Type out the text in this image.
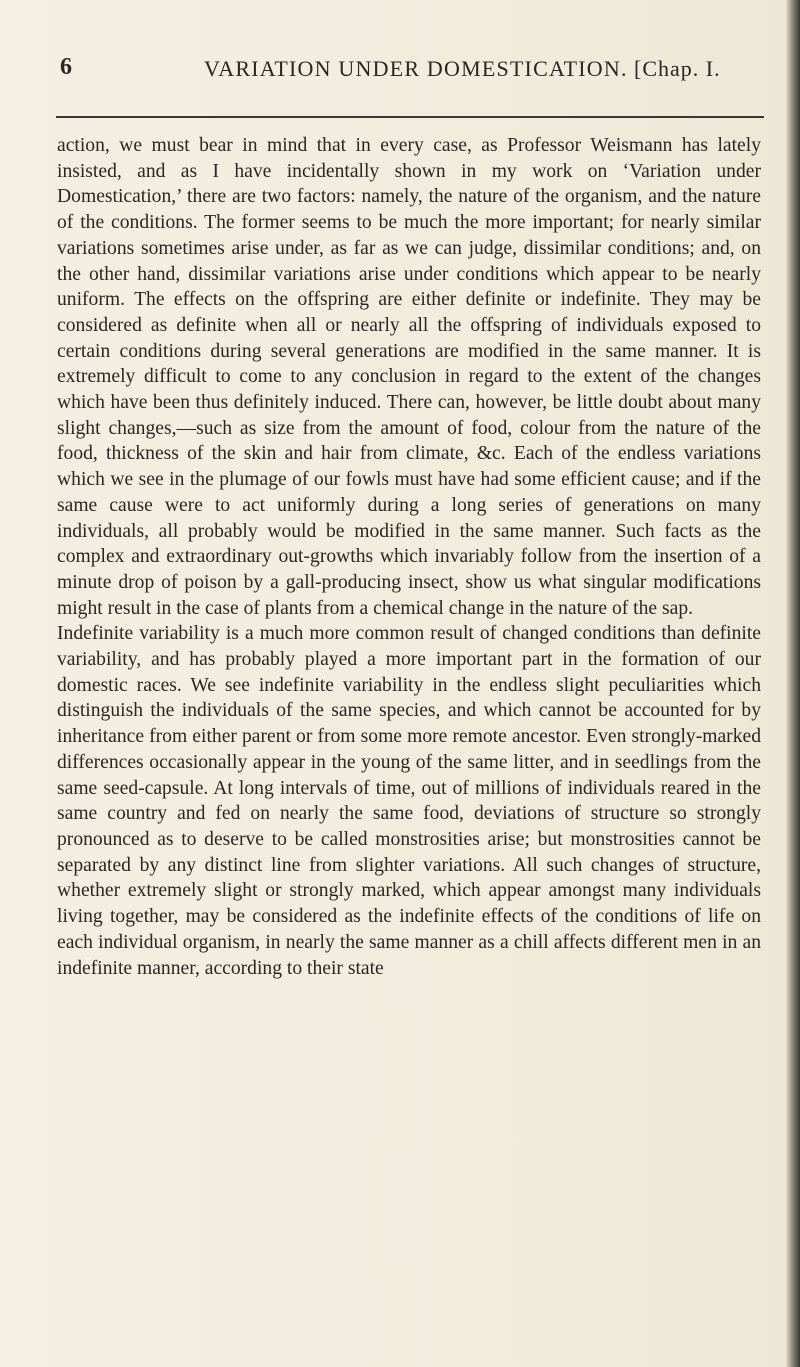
6	VARIATION UNDER DOMESTICATION. [Chap. I.

action, we must bear in mind that in every case, as Professor Weismann has lately insisted, and as I have incidentally shown in my work on ‘Variation under Domestication,’ there are two factors: namely, the nature of the organism, and the nature of the conditions. The former seems to be much the more important; for nearly similar variations sometimes arise under, as far as we can judge, dissimilar conditions; and, on the other hand, dissimilar variations arise under conditions which appear to be nearly uniform. The effects on the offspring are either definite or indefinite. They may be considered as definite when all or nearly all the offspring of individuals exposed to certain conditions during several generations are modified in the same manner. It is extremely difficult to come to any conclusion in regard to the extent of the changes which have been thus definitely induced. There can, however, be little doubt about many slight changes,—such as size from the amount of food, colour from the nature of the food, thickness of the skin and hair from climate, &c. Each of the endless variations which we see in the plumage of our fowls must have had some efficient cause; and if the same cause were to act uniformly during a long series of generations on many individuals, all probably would be modified in the same manner. Such facts as the complex and extraordinary out-growths which invariably follow from the insertion of a minute drop of poison by a gall-producing insect, show us what singular modifications might result in the case of plants from a chemical change in the nature of the sap.

Indefinite variability is a much more common result of changed conditions than definite variability, and has probably played a more important part in the formation of our domestic races. We see indefinite variability in the endless slight peculiarities which distinguish the individuals of the same species, and which cannot be accounted for by inheritance from either parent or from some more remote ancestor. Even strongly-marked differences occasionally appear in the young of the same litter, and in seedlings from the same seed-capsule. At long intervals of time, out of millions of individuals reared in the same country and fed on nearly the same food, deviations of structure so strongly pronounced as to deserve to be called monstrosities arise; but monstrosities cannot be separated by any distinct line from slighter variations. All such changes of structure, whether extremely slight or strongly marked, which appear amongst many individuals living together, may be considered as the indefinite effects of the conditions of life on each individual organism, in nearly the same manner as a chill affects different men in an indefinite manner, according to their state
